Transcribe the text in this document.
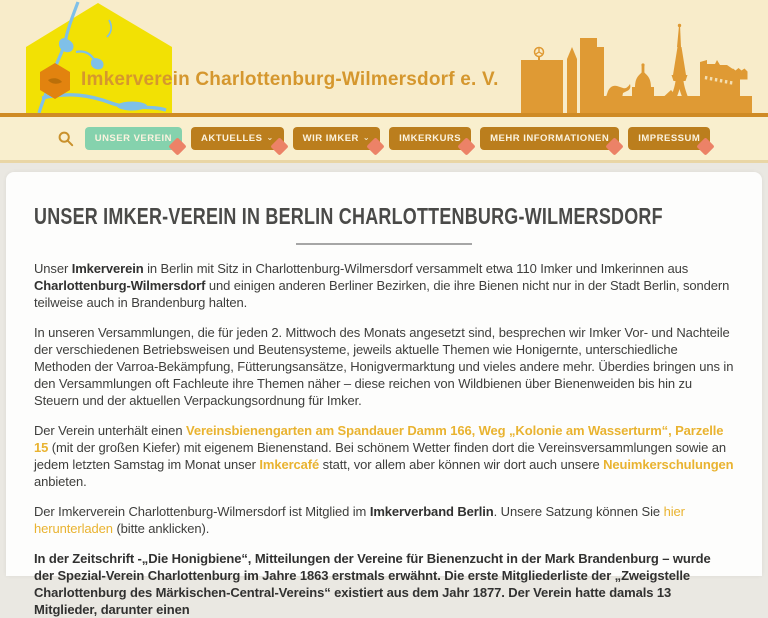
Imkerverein Charlottenburg-Wilmersdorf e. V.
UNSER VEREIN	AKTUELLES ⌄	WIR IMKER ⌄	IMKERKURS	MEHR INFORMATIONEN	IMPRESSUM
UNSER IMKER-VEREIN IN BERLIN CHARLOTTENBURG-WILMERSDORF

Unser Imkerverein in Berlin mit Sitz in Charlottenburg-Wilmersdorf versammelt etwa 110 Imker und Imkerinnen aus Charlottenburg-Wilmersdorf und einigen anderen Berliner Bezirken, die ihre Bienen nicht nur in der Stadt Berlin, sondern teilweise auch in Brandenburg halten.

In unseren Versammlungen, die für jeden 2. Mittwoch des Monats angesetzt sind, besprechen wir Imker Vor- und Nachteile der verschiedenen Betriebsweisen und Beutensysteme, jeweils aktuelle Themen wie Honigernte, unterschiedliche Methoden der Varroa-Bekämpfung, Fütterungsansätze, Honigvermarktung und vieles andere mehr. Überdies bringen uns in den Versammlungen oft Fachleute ihre Themen näher – diese reichen von Wildbienen über Bienenweiden bis hin zu Steuern und der aktuellen Verpackungsordnung für Imker.

Der Verein unterhält einen Vereinsbienengarten am Spandauer Damm 166, Weg „Kolonie am Wasserturm“, Parzelle 15 (mit der großen Kiefer) mit eigenem Bienenstand. Bei schönem Wetter finden dort die Vereinsversammlungen sowie an jedem letzten Samstag im Monat unser Imkercafé statt, vor allem aber können wir dort auch unsere Neuimkerschulungen anbieten.

Der Imkerverein Charlottenburg-Wilmersdorf ist Mitglied im Imkerverband Berlin. Unsere Satzung können Sie hier herunterladen (bitte anklicken).

In der Zeitschrift -„Die Honigbiene“, Mitteilungen der Vereine für Bienenzucht in der Mark Brandenburg – wurde der Spezial-Verein Charlottenburg im Jahre 1863 erstmals erwähnt. Die erste Mitgliederliste der „Zweigstelle Charlottenburg des Märkischen-Central-Vereins“ existiert aus dem Jahr 1877. Der Verein hatte damals 13 Mitglieder, darunter einen
